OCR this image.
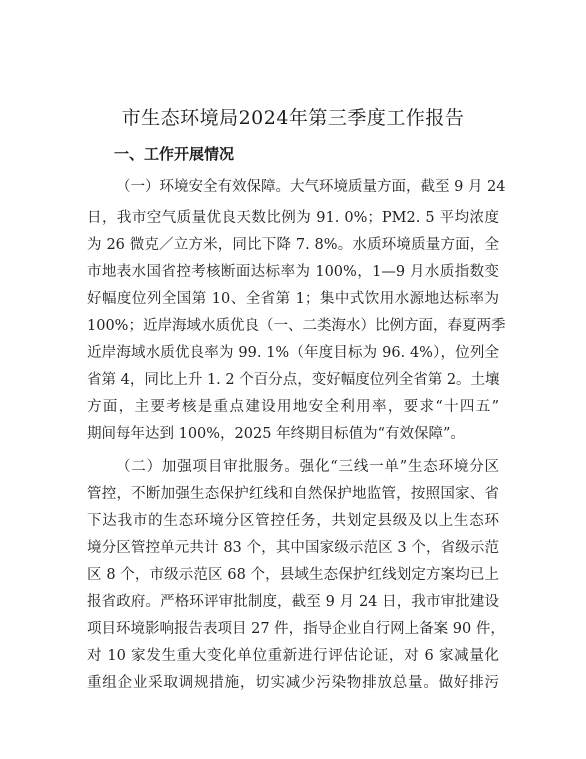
市生态环境局2024年第三季度工作报告
一、工作开展情况
（一）环境安全有效保障。大气环境质量方面，截至 9 月 24
日，我市空气质量优良天数比例为 91. 0%；PM2. 5 平均浓度
为 26 微克／立方米，同比下降 7. 8%。水质环境质量方面，全
市地表水国省控考核断面达标率为 100%，1—9 月水质指数变
好幅度位列全国第 10、全省第 1；集中式饮用水源地达标率为
100%；近岸海域水质优良（一、二类海水）比例方面，春夏两季
近岸海域水质优良率为 99. 1%（年度目标为 96. 4%），位列全
省第 4，同比上升 1. 2 个百分点，变好幅度位列全省第 2。土壤
方面，主要考核是重点建设用地安全利用率，要求“十四五”
期间每年达到 100%，2025 年终期目标值为“有效保障”。
（二）加强项目审批服务。强化“三线一单”生态环境分区
管控，不断加强生态保护红线和自然保护地监管，按照国家、省
下达我市的生态环境分区管控任务，共划定县级及以上生态环
境分区管控单元共计 83 个，其中国家级示范区 3 个，省级示范
区 8 个，市级示范区 68 个，县域生态保护红线划定方案均已上
报省政府。严格环评审批制度，截至 9 月 24 日，我市审批建设
项目环境影响报告表项目 27 件，指导企业自行网上备案 90 件，
对 10 家发生重大变化单位重新进行评估论证，对 6 家减量化
重组企业采取调规措施，切实减少污染物排放总量。做好排污
